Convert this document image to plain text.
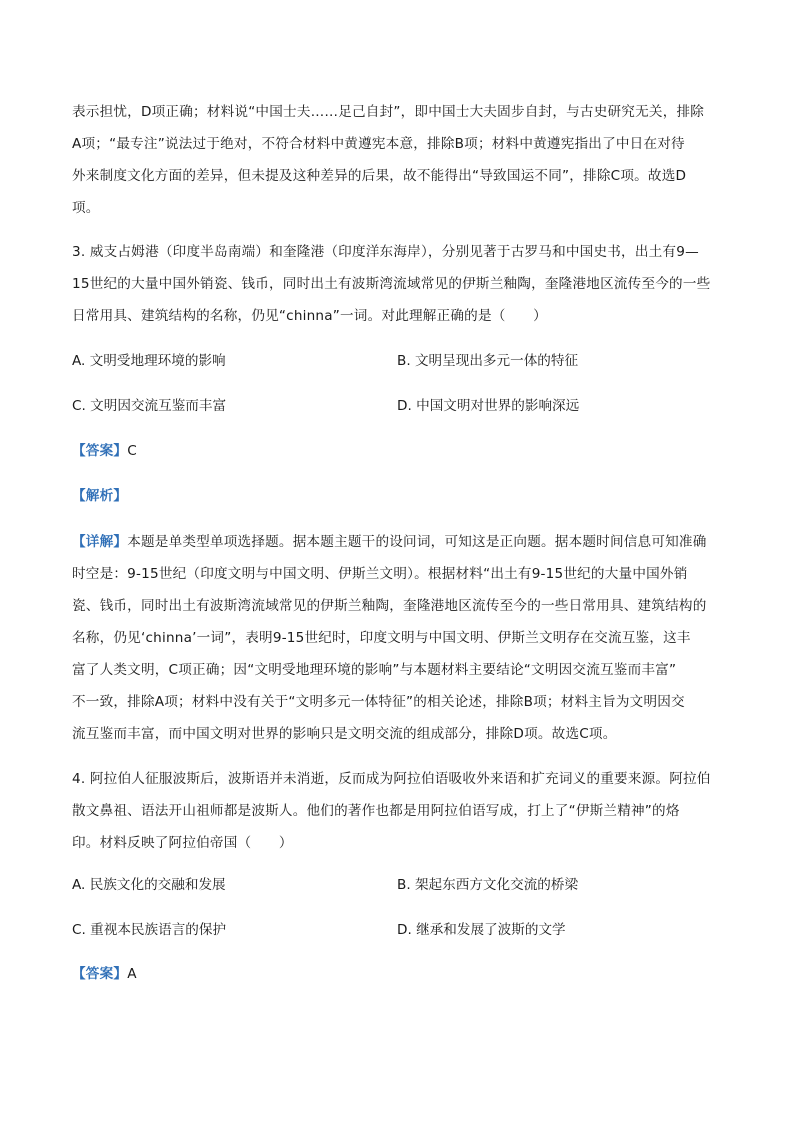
表示担忧，D项正确；材料说“中国士夫……足己自封”，即中国士大夫固步自封，与古史研究无关，排除
A项；“最专注”说法过于绝对，不符合材料中黄遵宪本意，排除B项；材料中黄遵宪指出了中日在对待
外来制度文化方面的差异，但未提及这种差异的后果，故不能得出“导致国运不同”，排除C项。故选D
项。
3. 威支占姆港（印度半岛南端）和奎隆港（印度洋东海岸），分别见著于古罗马和中国史书，出土有9—
15世纪的大量中国外销瓷、钱币，同时出土有波斯湾流域常见的伊斯兰釉陶，奎隆港地区流传至今的一些
日常用具、建筑结构的名称，仍见“chinna”一词。对此理解正确的是（　　）
A. 文明受地理环境的影响	B. 文明呈现出多元一体的特征
C. 文明因交流互鉴而丰富	D. 中国文明对世界的影响深远
【答案】C
【解析】
【详解】本题是单类型单项选择题。据本题主题干的设问词，可知这是正向题。据本题时间信息可知准确
时空是：9-15世纪（印度文明与中国文明、伊斯兰文明）。根据材料“出土有9-15世纪的大量中国外销
瓷、钱币，同时出土有波斯湾流域常见的伊斯兰釉陶，奎隆港地区流传至今的一些日常用具、建筑结构的
名称，仍见‘chinna’一词”，表明9-15世纪时，印度文明与中国文明、伊斯兰文明存在交流互鉴，这丰
富了人类文明，C项正确；因“文明受地理环境的影响”与本题材料主要结论“文明因交流互鉴而丰富”
不一致，排除A项；材料中没有关于“文明多元一体特征”的相关论述，排除B项；材料主旨为文明因交
流互鉴而丰富，而中国文明对世界的影响只是文明交流的组成部分，排除D项。故选C项。
4. 阿拉伯人征服波斯后，波斯语并未消逝，反而成为阿拉伯语吸收外来语和扩充词义的重要来源。阿拉伯
散文鼻祖、语法开山祖师都是波斯人。他们的著作也都是用阿拉伯语写成，打上了“伊斯兰精神”的烙
印。材料反映了阿拉伯帝国（　　）
A. 民族文化的交融和发展	B. 架起东西方文化交流的桥梁
C. 重视本民族语言的保护	D. 继承和发展了波斯的文学
【答案】A
